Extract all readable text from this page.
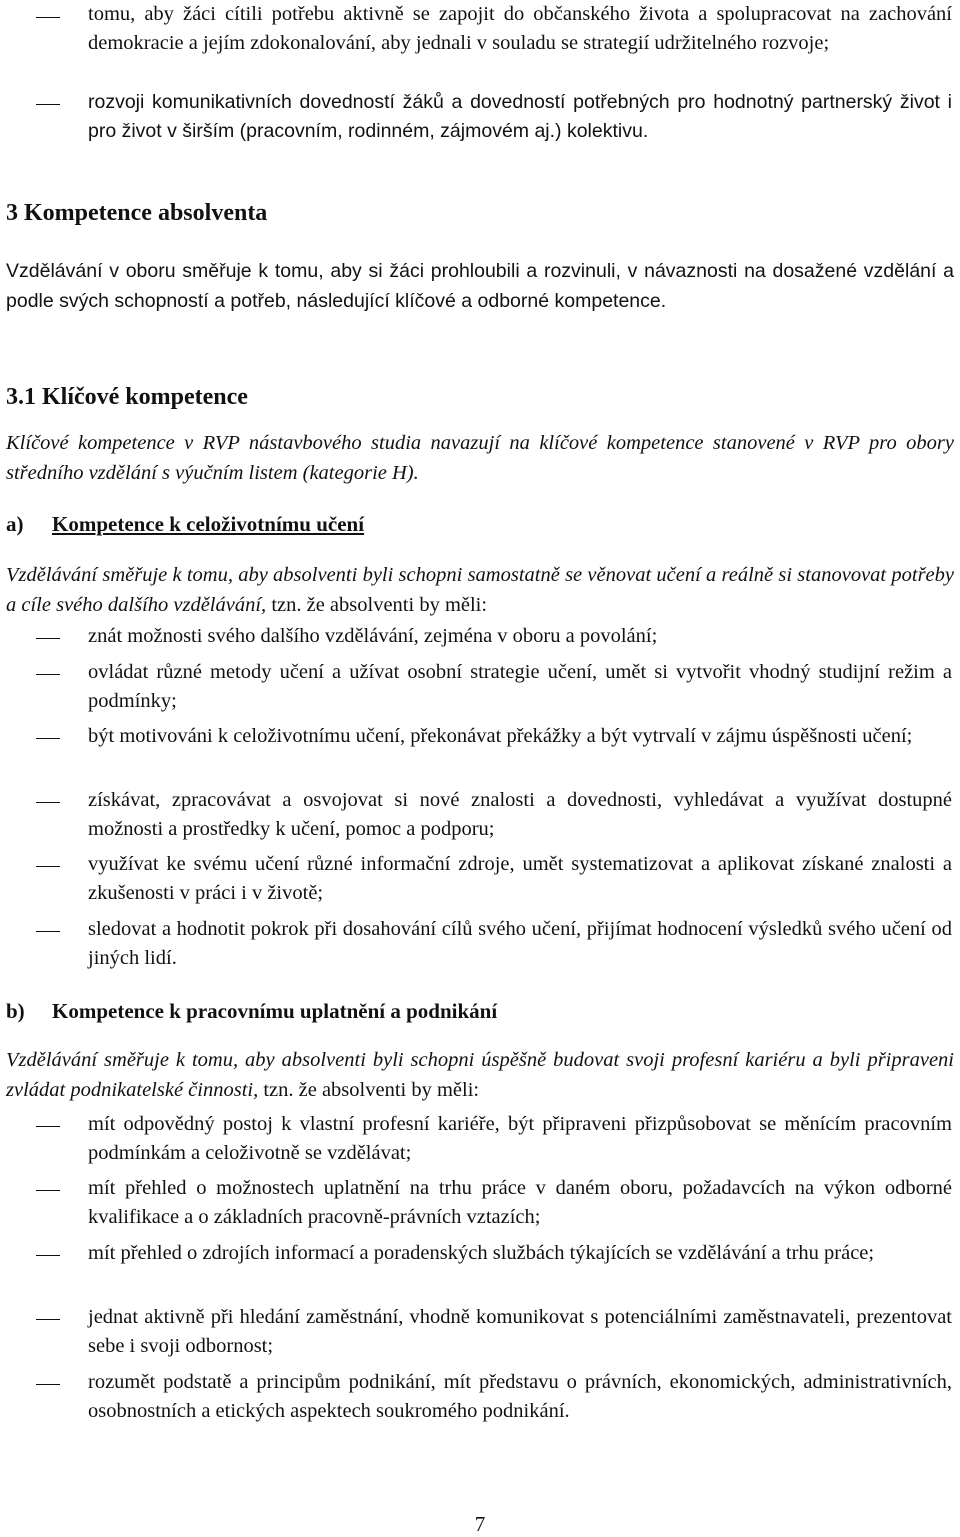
tomu, aby žáci cítili potřebu aktivně se zapojit do občanského života a spolupracovat na zachování demokracie a jejím zdokonalování, aby jednali v souladu se strategií udržitelného rozvoje;
rozvoji komunikativních dovedností žáků a dovedností potřebných pro hodnotný partnerský život i pro život v širším (pracovním, rodinném, zájmovém aj.) kolektivu.
3 Kompetence absolventa
Vzdělávání v oboru směřuje k tomu, aby si žáci prohloubili a rozvinuli, v návaznosti na dosažené vzdělání a podle svých schopností a potřeb, následující klíčové a odborné kompetence.
3.1 Klíčové kompetence
Klíčové kompetence v RVP nástavbového studia navazují na klíčové kompetence stanovené v RVP pro obory středního vzdělání s výučním listem (kategorie H).
a) Kompetence k celoživotnímu učení
Vzdělávání směřuje k tomu, aby absolventi byli schopni samostatně se věnovat učení a reálně si stanovovat potřeby a cíle svého dalšího vzdělávání, tzn. že absolventi by měli:
znát možnosti svého dalšího vzdělávání, zejména v oboru a povolání;
ovládat různé metody učení a užívat osobní strategie učení, umět si vytvořit vhodný studijní režim a podmínky;
být motivováni k celoživotnímu učení, překonávat překážky a být vytrvalí v zájmu úspěšnosti učení;
získávat, zpracovávat a osvojovat si nové znalosti a dovednosti, vyhledávat a využívat dostupné možnosti a prostředky k učení, pomoc a podporu;
využívat ke svému učení různé informační zdroje, umět systematizovat a aplikovat získané znalosti a zkušenosti v práci i v životě;
sledovat a hodnotit pokrok při dosahování cílů svého učení, přijímat hodnocení výsledků svého učení od jiných lidí.
b) Kompetence k pracovnímu uplatnění a podnikání
Vzdělávání směřuje k tomu, aby absolventi byli schopni úspěšně budovat svoji profesní kariéru a byli připraveni zvládat podnikatelské činnosti, tzn. že absolventi by měli:
mít odpovědný postoj k vlastní profesní kariéře, být připraveni přizpůsobovat se měnícím pracovním podmínkám a celoživotně se vzdělávat;
mít přehled o možnostech uplatnění na trhu práce v daném oboru, požadavcích na výkon odborné kvalifikace a o základních pracovně-právních vztazích;
mít přehled o zdrojích informací a poradenských službách týkajících se vzdělávání a trhu práce;
jednat aktivně při hledání zaměstnání, vhodně komunikovat s potenciálními zaměstnavateli, prezentovat sebe i svoji odbornost;
rozumět podstatě a principům podnikání, mít představu o právních, ekonomických, administrativních, osobnostních a etických aspektech soukromého podnikání.
7
